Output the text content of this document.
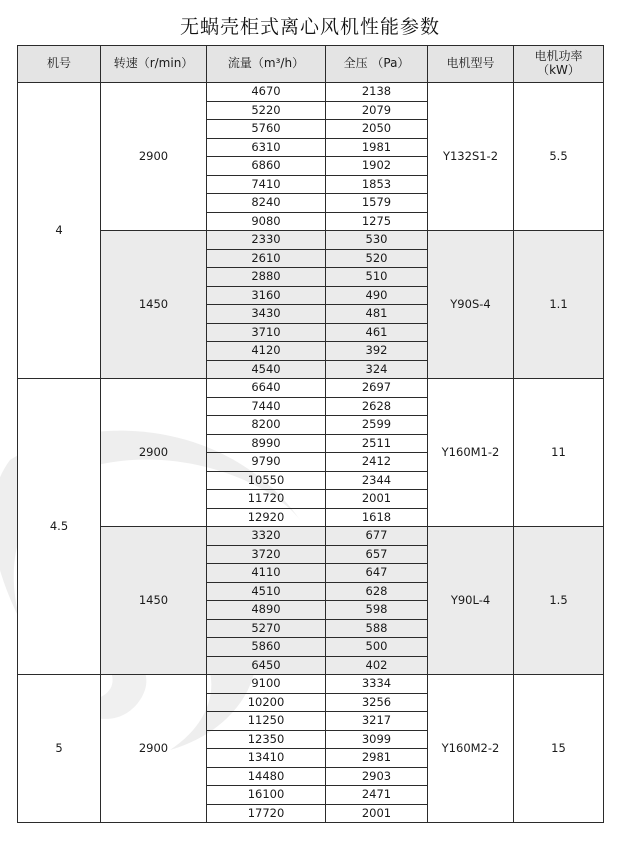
无蜗壳柜式离心风机性能参数
机号	转速（r/min）	流量（m³/h）	全压 （Pa）	电机型号	电机功率
（kW）

4	2900	4670	2138	Y132S1-2	5.5
		5220	2079		
		5760	2050		
		6310	1981		
		6860	1902		
		7410	1853		
		8240	1579		
		9080	1275		
	1450	2330	530	Y90S-4	1.1
		2610	520		
		2880	510		
		3160	490		
		3430	481		
		3710	461		
		4120	392		
		4540	324		
4.5	2900	6640	2697	Y160M1-2	11
		7440	2628		
		8200	2599		
		8990	2511		
		9790	2412		
		10550	2344		
		11720	2001		
		12920	1618		
	1450	3320	677	Y90L-4	1.5
		3720	657		
		4110	647		
		4510	628		
		4890	598		
		5270	588		
		5860	500		
		6450	402		
5	2900	9100	3334	Y160M2-2	15
		10200	3256		
		11250	3217		
		12350	3099		
		13410	2981		
		14480	2903		
		16100	2471		
		17720	2001		
